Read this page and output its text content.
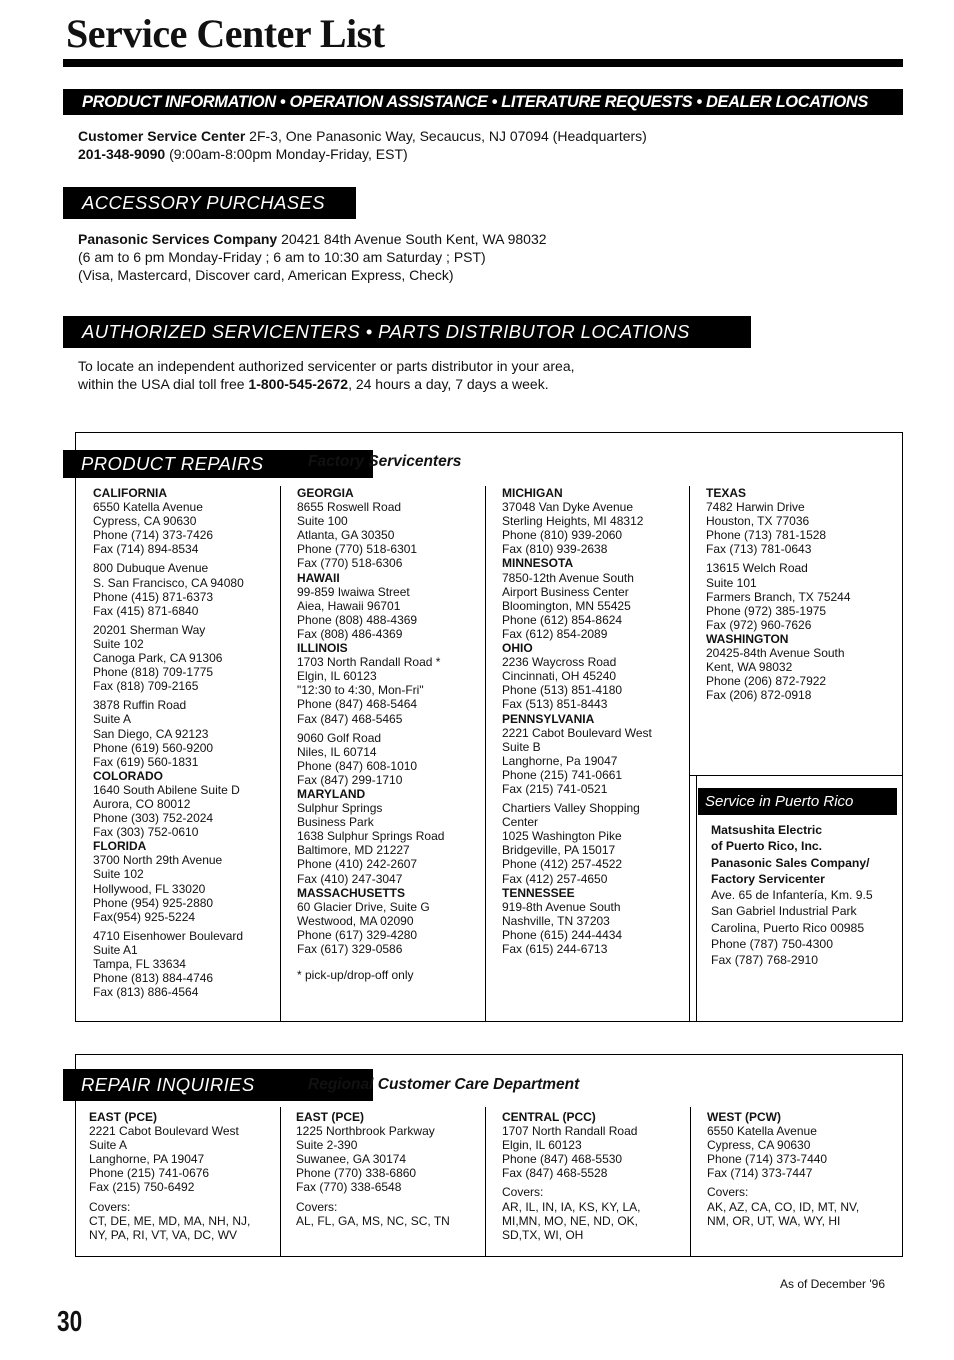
Service Center List
PRODUCT INFORMATION • OPERATION ASSISTANCE • LITERATURE REQUESTS • DEALER LOCATIONS
Customer Service Center 2F-3, One Panasonic Way, Secaucus, NJ 07094 (Headquarters)
201-348-9090 (9:00am-8:00pm Monday-Friday, EST)
ACCESSORY PURCHASES
Panasonic Services Company 20421 84th Avenue South Kent, WA 98032
(6 am to 6 pm Monday-Friday ; 6 am to 10:30 am Saturday ; PST)
(Visa, Mastercard, Discover card, American Express, Check)
AUTHORIZED SERVICENTERS • PARTS DISTRIBUTOR LOCATIONS
To locate an independent authorized servicenter or parts distributor in your area,
within the USA dial toll free 1-800-545-2672, 24 hours a day, 7 days a week.
PRODUCT REPAIRS	Factory Servicenters
CALIFORNIA
6550 Katella Avenue
Cypress, CA 90630
Phone (714) 373-7426
Fax (714) 894-8534
800 Dubuque Avenue
S. San Francisco, CA 94080
Phone (415) 871-6373
Fax (415) 871-6840
20201 Sherman Way
Suite 102
Canoga Park, CA 91306
Phone (818) 709-1775
Fax (818) 709-2165
3878 Ruffin Road
Suite A
San Diego, CA 92123
Phone (619) 560-9200
Fax (619) 560-1831
COLORADO
1640 South Abilene Suite D
Aurora, CO 80012
Phone (303) 752-2024
Fax (303) 752-0610
FLORIDA
3700 North 29th Avenue
Suite 102
Hollywood, FL 33020
Phone (954) 925-2880
Fax(954) 925-5224
4710 Eisenhower Boulevard
Suite A1
Tampa, FL 33634
Phone (813) 884-4746
Fax (813) 886-4564
GEORGIA
8655 Roswell Road
Suite 100
Atlanta, GA 30350
Phone (770) 518-6301
Fax (770) 518-6306
HAWAII
99-859 Iwaiwa Street
Aiea, Hawaii 96701
Phone (808) 488-4369
Fax (808) 486-4369
ILLINOIS
1703 North Randall Road *
Elgin, IL 60123
"12:30 to 4:30, Mon-Fri"
Phone (847) 468-5464
Fax (847) 468-5465
9060 Golf Road
Niles, IL 60714
Phone (847) 608-1010
Fax (847) 299-1710
MARYLAND
Sulphur Springs
Business Park
1638 Sulphur Springs Road
Baltimore, MD 21227
Phone (410) 242-2607
Fax (410) 247-3047
MASSACHUSETTS
60 Glacier Drive, Suite G
Westwood, MA 02090
Phone (617) 329-4280
Fax (617) 329-0586
* pick-up/drop-off only
MICHIGAN
37048 Van Dyke Avenue
Sterling Heights, MI 48312
Phone (810) 939-2060
Fax (810) 939-2638
MINNESOTA
7850-12th Avenue South
Airport Business Center
Bloomington, MN 55425
Phone (612) 854-8624
Fax (612) 854-2089
OHIO
2236 Waycross Road
Cincinnati, OH 45240
Phone (513) 851-4180
Fax (513) 851-8443
PENNSYLVANIA
2221 Cabot Boulevard West
Suite B
Langhorne, Pa 19047
Phone (215) 741-0661
Fax (215) 741-0521
Chartiers Valley Shopping
Center
1025 Washington Pike
Bridgeville, PA 15017
Phone (412) 257-4522
Fax (412) 257-4650
TENNESSEE
919-8th Avenue South
Nashville, TN 37203
Phone (615) 244-4434
Fax (615) 244-6713
TEXAS
7482 Harwin Drive
Houston, TX 77036
Phone (713) 781-1528
Fax (713) 781-0643
13615 Welch Road
Suite 101
Farmers Branch, TX 75244
Phone (972) 385-1975
Fax (972) 960-7626
WASHINGTON
20425-84th Avenue South
Kent, WA 98032
Phone (206) 872-7922
Fax (206) 872-0918
Service in Puerto Rico
Matsushita Electric
of Puerto Rico, Inc.
Panasonic Sales Company/
Factory Servicenter
Ave. 65 de Infantería, Km. 9.5
San Gabriel Industrial Park
Carolina, Puerto Rico 00985
Phone (787) 750-4300
Fax (787) 768-2910
REPAIR INQUIRIES	Regional Customer Care Department
EAST (PCE)
2221 Cabot Boulevard West
Suite A
Langhorne, PA 19047
Phone (215) 741-0676
Fax (215) 750-6492
Covers:
CT, DE, ME, MD, MA, NH, NJ,
NY, PA, RI, VT, VA, DC, WV
EAST (PCE)
1225 Northbrook Parkway
Suite 2-390
Suwanee, GA 30174
Phone (770) 338-6860
Fax (770) 338-6548
Covers:
AL, FL, GA, MS, NC, SC, TN
CENTRAL (PCC)
1707 North Randall Road
Elgin, IL 60123
Phone (847) 468-5530
Fax (847) 468-5528
Covers:
AR, IL, IN, IA, KS, KY, LA,
MI,MN, MO, NE, ND, OK,
SD,TX, WI, OH
WEST (PCW)
6550 Katella Avenue
Cypress, CA 90630
Phone (714) 373-7440
Fax (714) 373-7447
Covers:
AK, AZ, CA, CO, ID, MT, NV,
NM, OR, UT, WA, WY, HI
As of December '96
30
